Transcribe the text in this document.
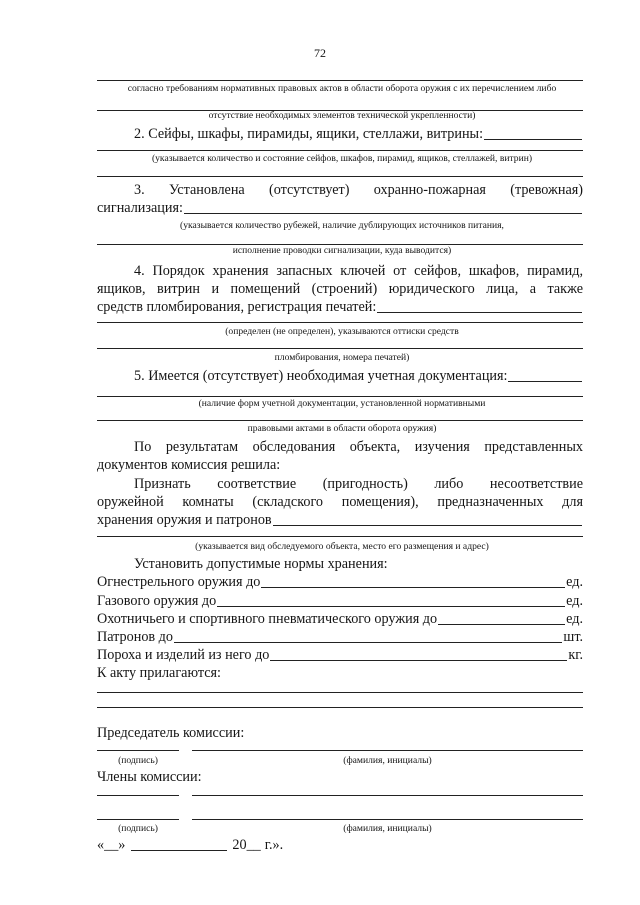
72
согласно требованиям нормативных правовых актов в области оборота оружия с их перечислением либо
отсутствие необходимых элементов технической укрепленности)
2. Сейфы, шкафы, пирамиды, ящики, стеллажи, витрины:
(указывается количество и состояние сейфов, шкафов, пирамид, ящиков, стеллажей, витрин)
3. Установлена (отсутствует) охранно-пожарная (тревожная)
сигнализация:
(указывается количество рубежей, наличие дублирующих источников питания,
исполнение проводки сигнализации, куда выводится)
4. Порядок хранения запасных ключей от сейфов, шкафов, пирамид,
ящиков, витрин и помещений (строений) юридического лица, а также
средств пломбирования, регистрация печатей:
(определен (не определен), указываются оттиски средств
пломбирования, номера печатей)
5. Имеется (отсутствует) необходимая учетная документация:
(наличие форм учетной документации, установленной нормативными
правовыми актами в области оборота оружия)
По результатам обследования объекта, изучения представленных
документов комиссия решила:
Признать соответствие (пригодность) либо несоответствие
оружейной комнаты (складского помещения), предназначенных для
хранения оружия и патронов
(указывается вид обследуемого объекта, место его размещения и адрес)
Установить допустимые нормы хранения:
Огнестрельного оружия до	ед.
Газового оружия до	ед.
Охотничьего и спортивного пневматического оружия до	ед.
Патронов до	шт.
Пороха и изделий из него до	кг.
К акту прилагаются:
Председатель комиссии:
(подпись)	(фамилия, инициалы)
Члены комиссии:
(подпись)	(фамилия, инициалы)
« __ »	20 __ г.».
